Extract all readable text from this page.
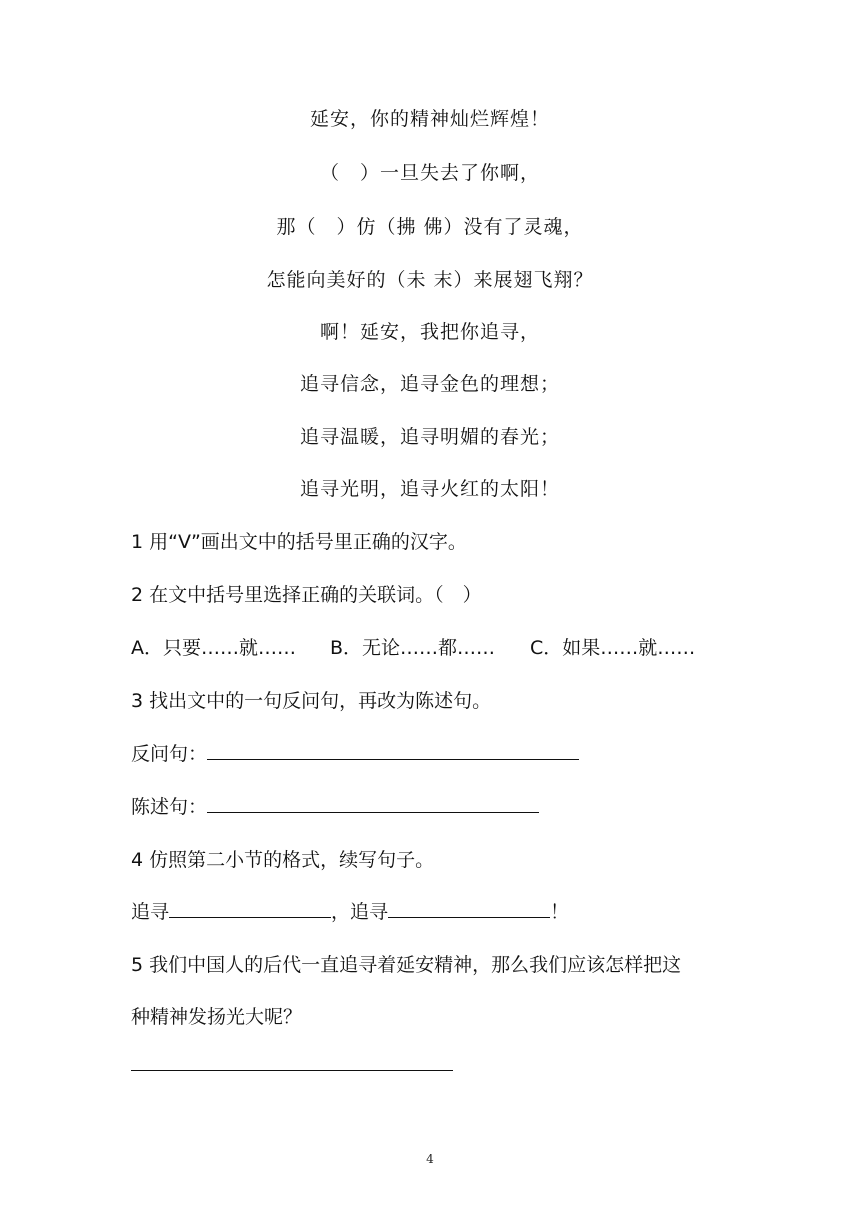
延安，你的精神灿烂辉煌！
（　）一旦失去了你啊，
那（　）仿（拂 佛）没有了灵魂，
怎能向美好的（未 末）来展翅飞翔？
啊！延安，我把你追寻，
追寻信念，追寻金色的理想；
追寻温暖，追寻明媚的春光；
追寻光明，追寻火红的太阳！
1 用“V”画出文中的括号里正确的汉字。
2 在文中括号里选择正确的关联词。（　）
A．只要……就…… B．无论……都…… C．如果……就……
3 找出文中的一句反问句，再改为陈述句。
反问句：
陈述句：
4 仿照第二小节的格式，续写句子。
追寻	，追寻	！
5 我们中国人的后代一直追寻着延安精神，那么我们应该怎样把这
种精神发扬光大呢？
4
